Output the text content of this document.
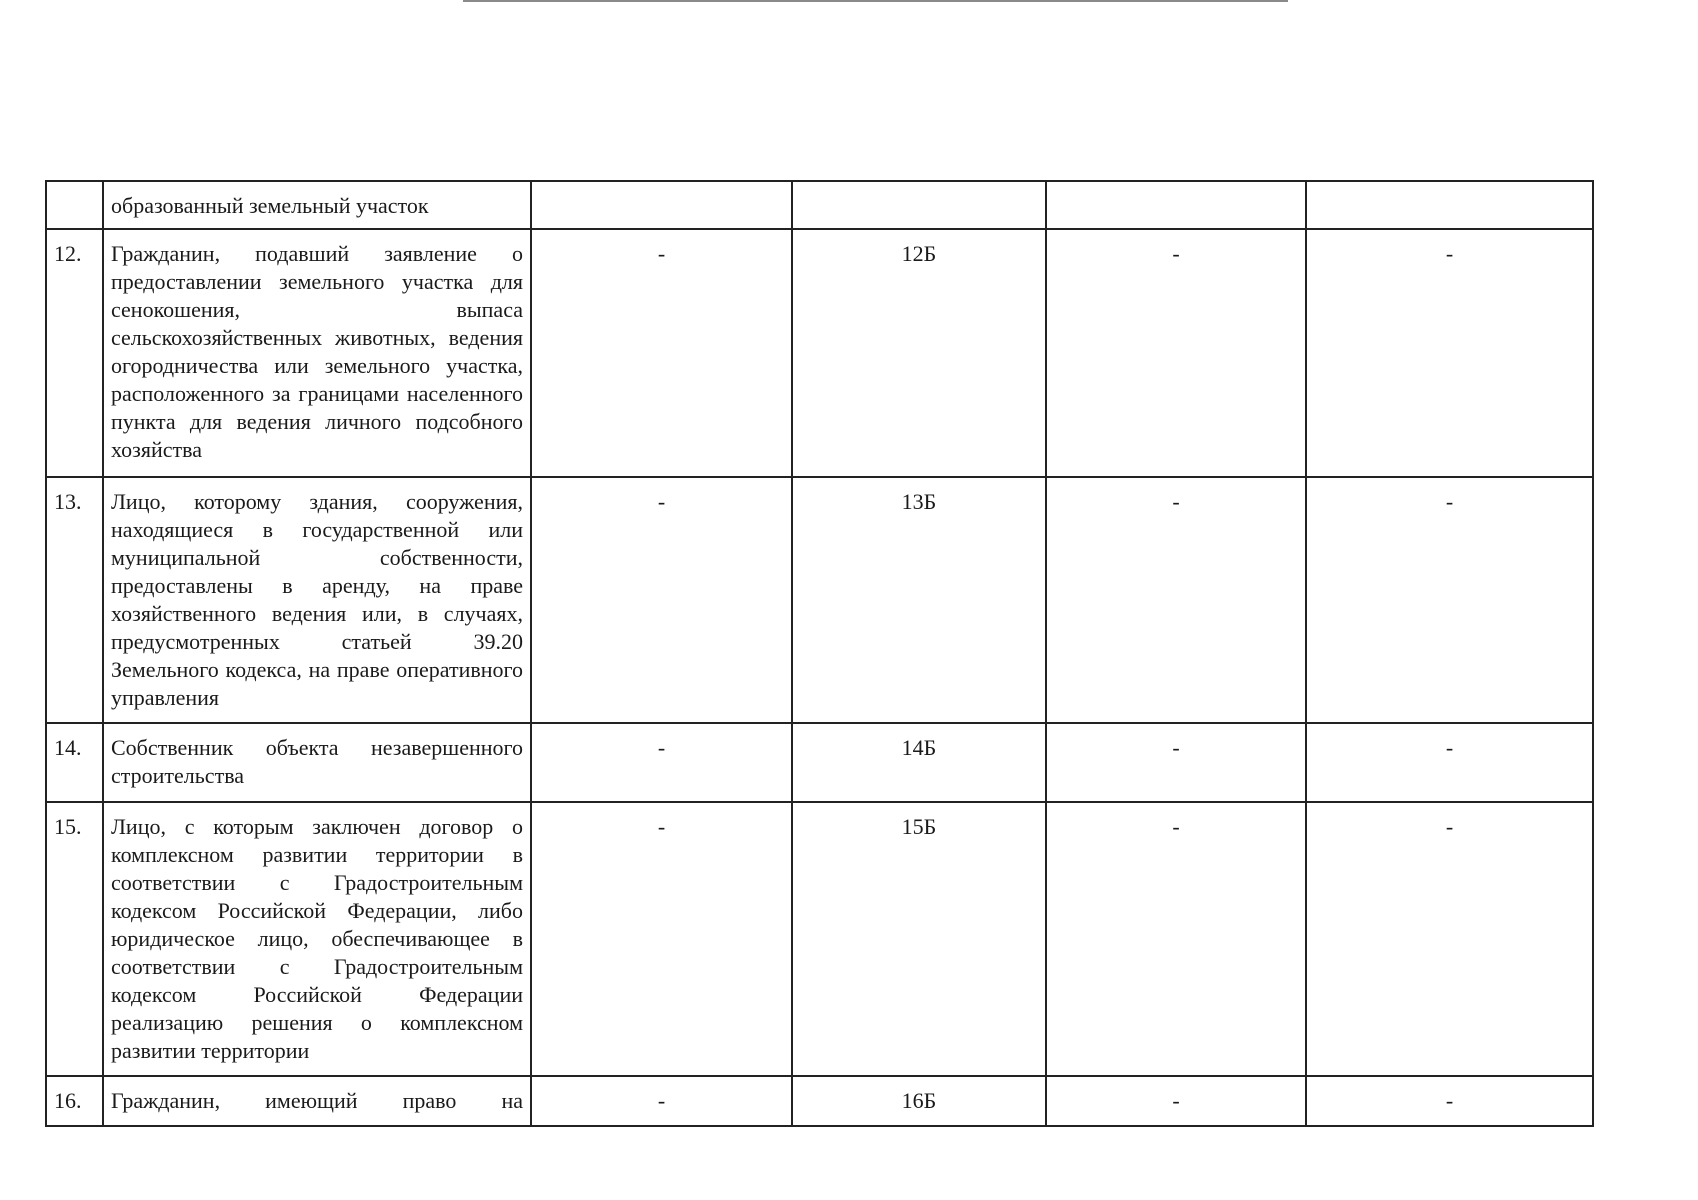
	образованный земельный участок				
12.	Гражданин, подавший заявление о предоставлении земельного участка для сенокошения, выпаса сельскохозяйственных животных, ведения огородничества или земельного участка, расположенного за границами населенного пункта для ведения личного подсобного хозяйства	-	12Б	-	-
13.	Лицо, которому здания, сооружения, находящиеся в государственной или муниципальной собственности, предоставлены в аренду, на праве хозяйственного ведения или, в случаях, предусмотренных статьей 39.20 Земельного кодекса, на праве оперативного управления	-	13Б	-	-
14.	Собственник объекта незавершенного строительства	-	14Б	-	-
15.	Лицо, с которым заключен договор о комплексном развитии территории в соответствии с Градостроительным кодексом Российской Федерации, либо юридическое лицо, обеспечивающее в соответствии с Градостроительным кодексом Российской Федерации реализацию решения о комплексном развитии территории	-	15Б	-	-
16.	Гражданин, имеющий право на	-	16Б	-	-
